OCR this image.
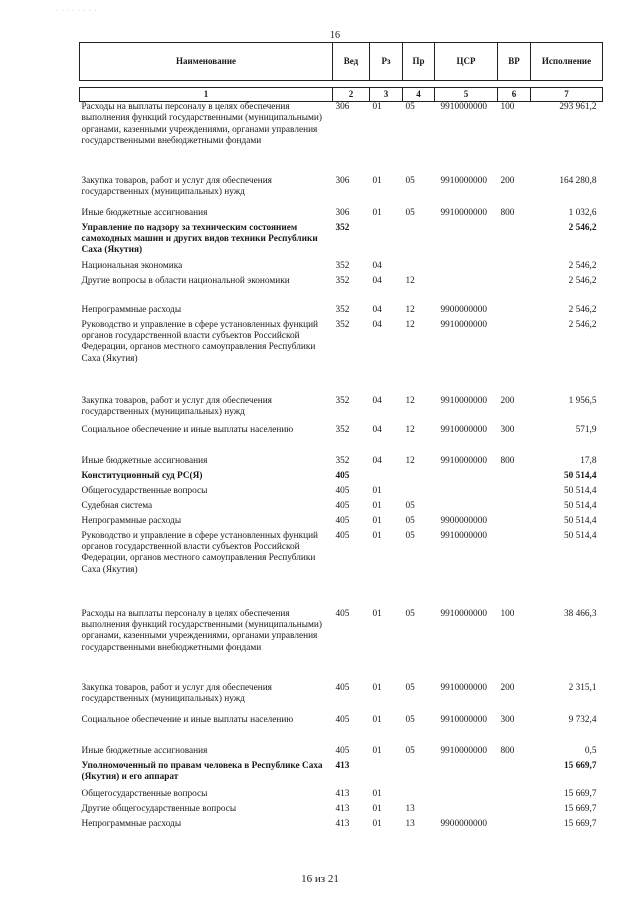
· · · · · · · ·
16
Наименование	Вед	Рз	Пр	ЦСР	ВР	Исполнение

1	2	3	4	5	6	7
Расходы на выплаты персоналу в целях обеспечения выполнения функций государственными (муниципальными) органами, казенными учреждениями, органами управления государственными внебюджетными фондами	306	01	05	9910000000	100	293 961,2
Закупка товаров, работ и услуг для обеспечения государственных (муниципальных) нужд	306	01	05	9910000000	200	164 280,8
Иные бюджетные ассигнования	306	01	05	9910000000	800	1 032,6
Управление по надзору за техническим состоянием самоходных машин и других видов техники Республики Саха (Якутия)	352					2 546,2
Национальная экономика	352	04				2 546,2
Другие вопросы в области национальной экономики	352	04	12			2 546,2
Непрограммные расходы	352	04	12	9900000000		2 546,2
Руководство и управление в сфере установленных функций органов государственной власти субъектов Российской Федерации, органов местного самоуправления Республики Саха (Якутия)	352	04	12	9910000000		2 546,2
Закупка товаров, работ и услуг для обеспечения государственных (муниципальных) нужд	352	04	12	9910000000	200	1 956,5
Социальное обеспечение и иные выплаты населению	352	04	12	9910000000	300	571,9
Иные бюджетные ассигнования	352	04	12	9910000000	800	17,8
Конституционный суд РС(Я)	405					50 514,4
Общегосударственные вопросы	405	01				50 514,4
Судебная система	405	01	05			50 514,4
Непрограммные расходы	405	01	05	9900000000		50 514,4
Руководство и управление в сфере установленных функций органов государственной власти субъектов Российской Федерации, органов местного самоуправления Республики Саха (Якутия)	405	01	05	9910000000		50 514,4
Расходы на выплаты персоналу в целях обеспечения выполнения функций государственными (муниципальными) органами, казенными учреждениями, органами управления государственными внебюджетными фондами	405	01	05	9910000000	100	38 466,3
Закупка товаров, работ и услуг для обеспечения государственных (муниципальных) нужд	405	01	05	9910000000	200	2 315,1
Социальное обеспечение и иные выплаты населению	405	01	05	9910000000	300	9 732,4
Иные бюджетные ассигнования	405	01	05	9910000000	800	0,5
Уполномоченный по правам человека в Республике Саха (Якутия) и его аппарат	413					15 669,7
Общегосударственные вопросы	413	01				15 669,7
Другие общегосударственные вопросы	413	01	13			15 669,7
Непрограммные расходы	413	01	13	9900000000		15 669,7
16 из 21
